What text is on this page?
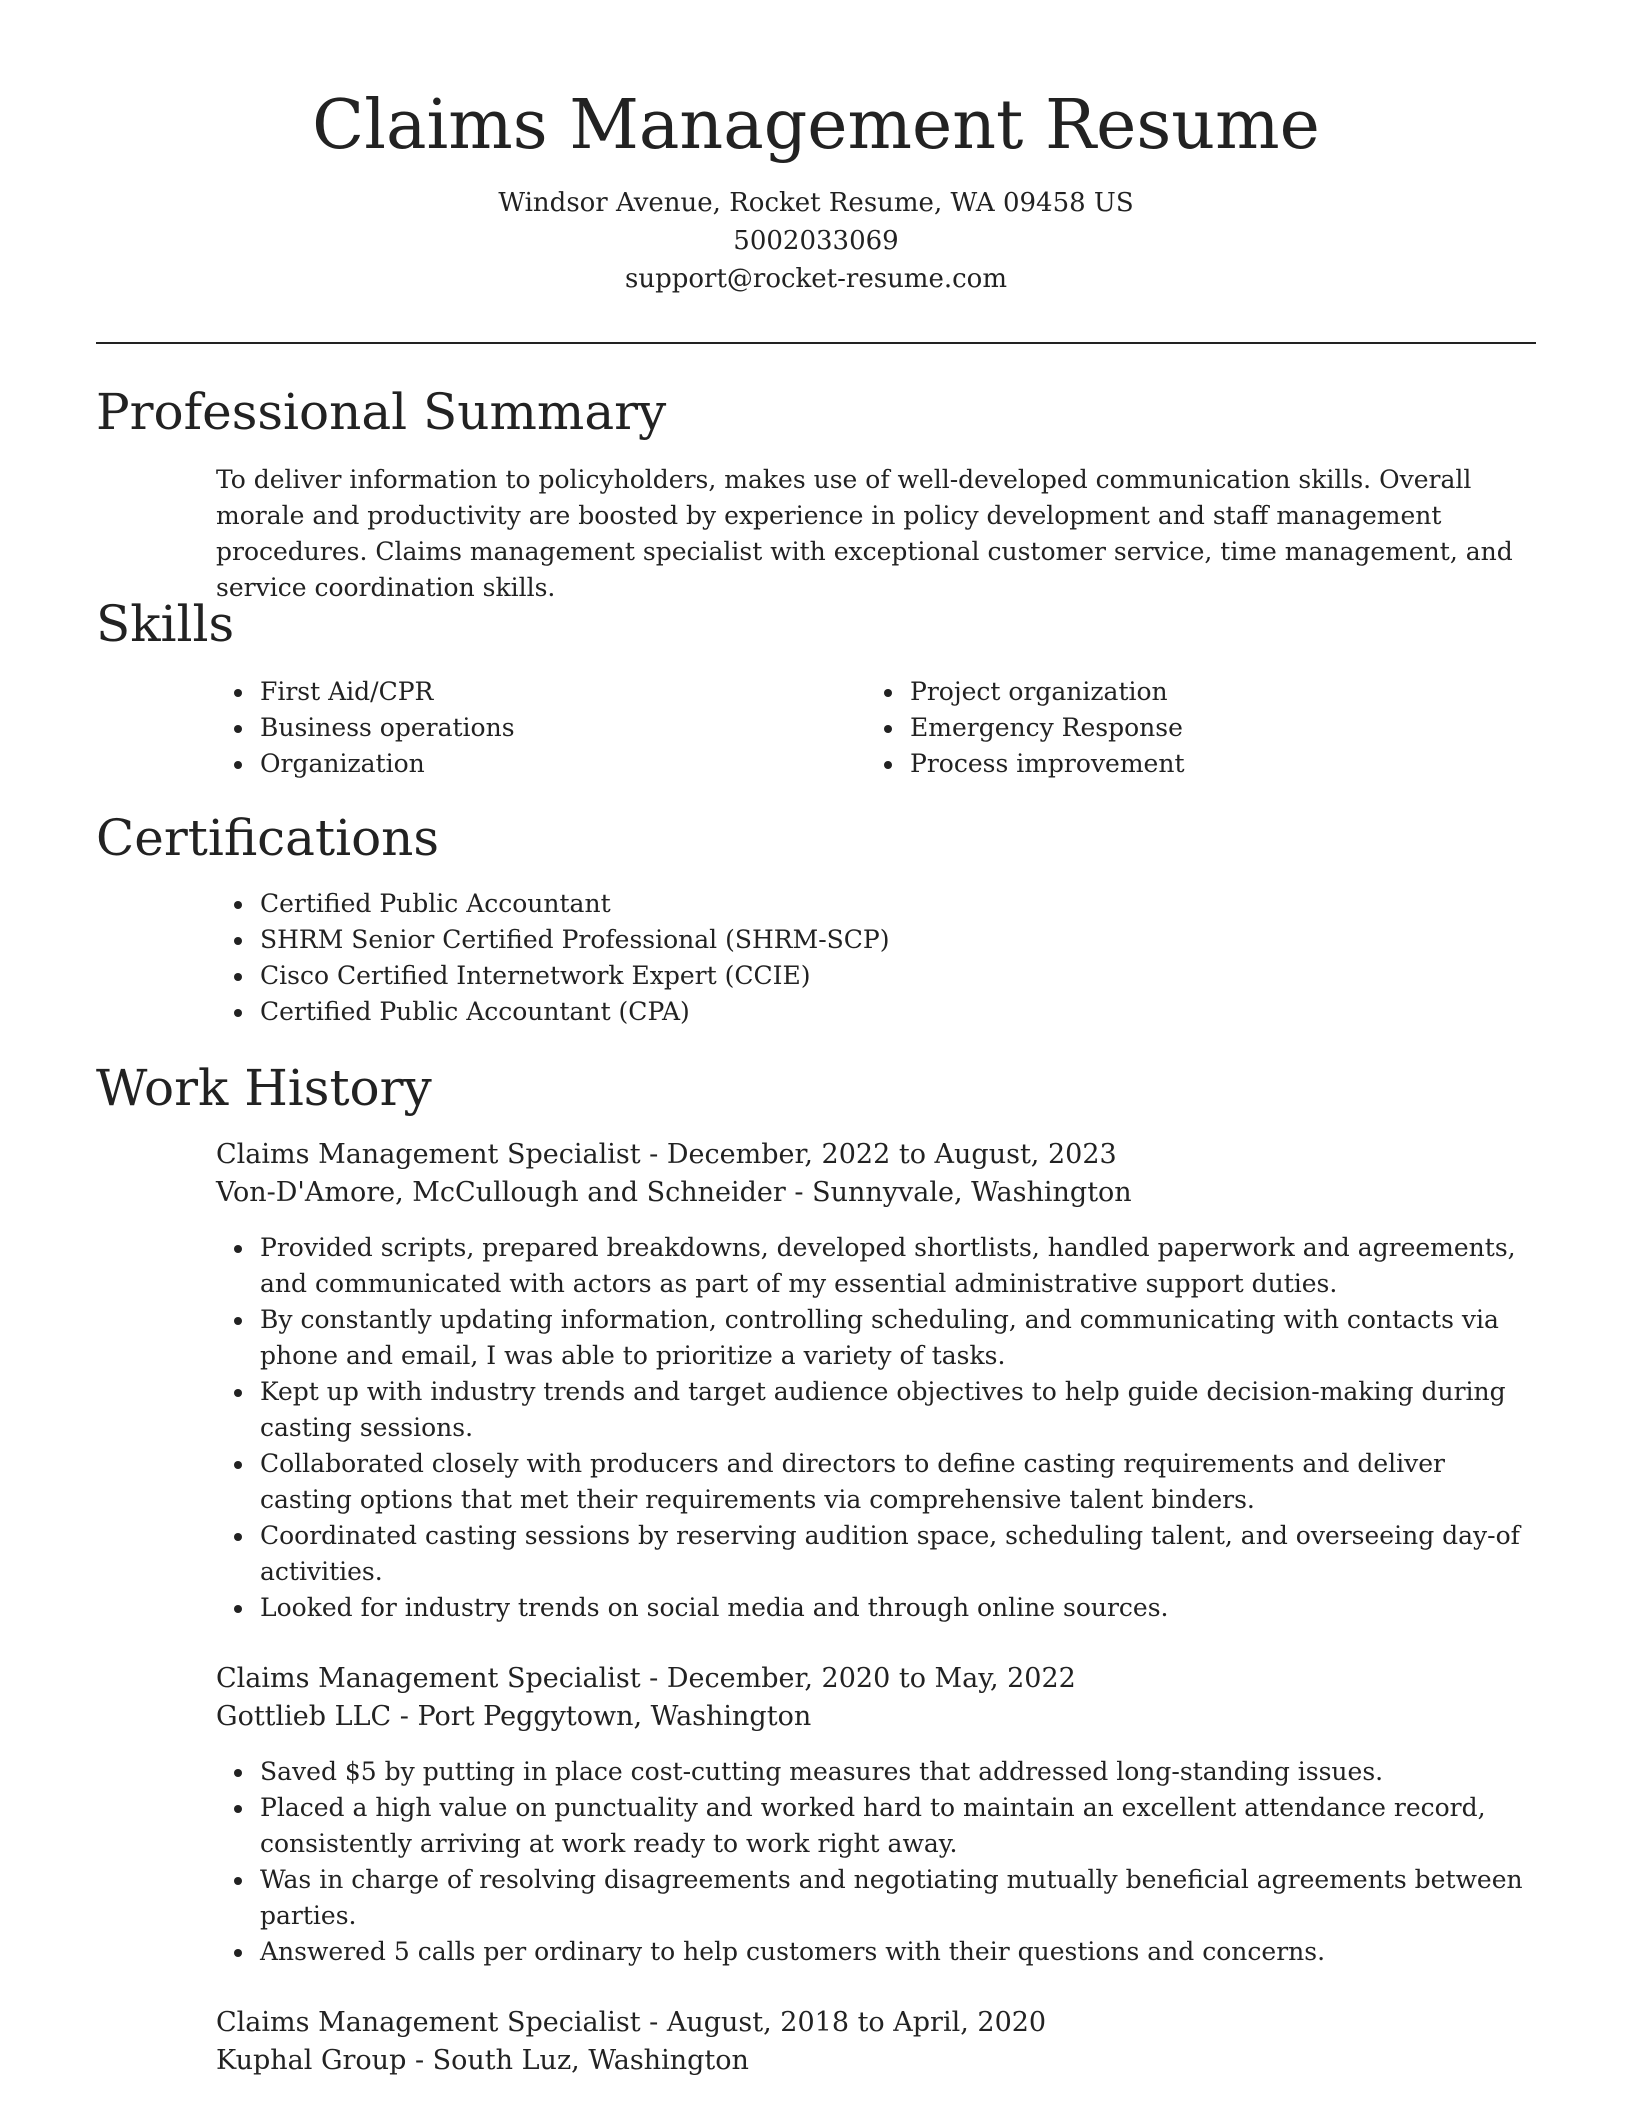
Claims Management Resume
Windsor Avenue, Rocket Resume, WA 09458 US
5002033069
support@rocket-resume.com
Professional Summary

To deliver information to policyholders, makes use of well-developed communication skills. Overall morale and productivity are boosted by experience in policy development and staff management procedures. Claims management specialist with exceptional customer service, time management, and service coordination skills.

Skills
First Aid/CPR
Business operations
Organization
Project organization
Emergency Response
Process improvement
Certifications
Certified Public Accountant
SHRM Senior Certified Professional (SHRM-SCP)
Cisco Certified Internetwork Expert (CCIE)
Certified Public Accountant (CPA)
Work History
Claims Management Specialist - December, 2022 to August, 2023
Von-D'Amore, McCullough and Schneider - Sunnyvale, Washington
Provided scripts, prepared breakdowns, developed shortlists, handled paperwork and agreements, and communicated with actors as part of my essential administrative support duties.
By constantly updating information, controlling scheduling, and communicating with contacts via phone and email, I was able to prioritize a variety of tasks.
Kept up with industry trends and target audience objectives to help guide decision-making during casting sessions.
Collaborated closely with producers and directors to define casting requirements and deliver casting options that met their requirements via comprehensive talent binders.
Coordinated casting sessions by reserving audition space, scheduling talent, and overseeing day-of activities.
Looked for industry trends on social media and through online sources.
Claims Management Specialist - December, 2020 to May, 2022
Gottlieb LLC - Port Peggytown, Washington
Saved $5 by putting in place cost-cutting measures that addressed long-standing issues.
Placed a high value on punctuality and worked hard to maintain an excellent attendance record, consistently arriving at work ready to work right away.
Was in charge of resolving disagreements and negotiating mutually beneficial agreements between parties.
Answered 5 calls per ordinary to help customers with their questions and concerns.
Claims Management Specialist - August, 2018 to April, 2020
Kuphal Group - South Luz, Washington
